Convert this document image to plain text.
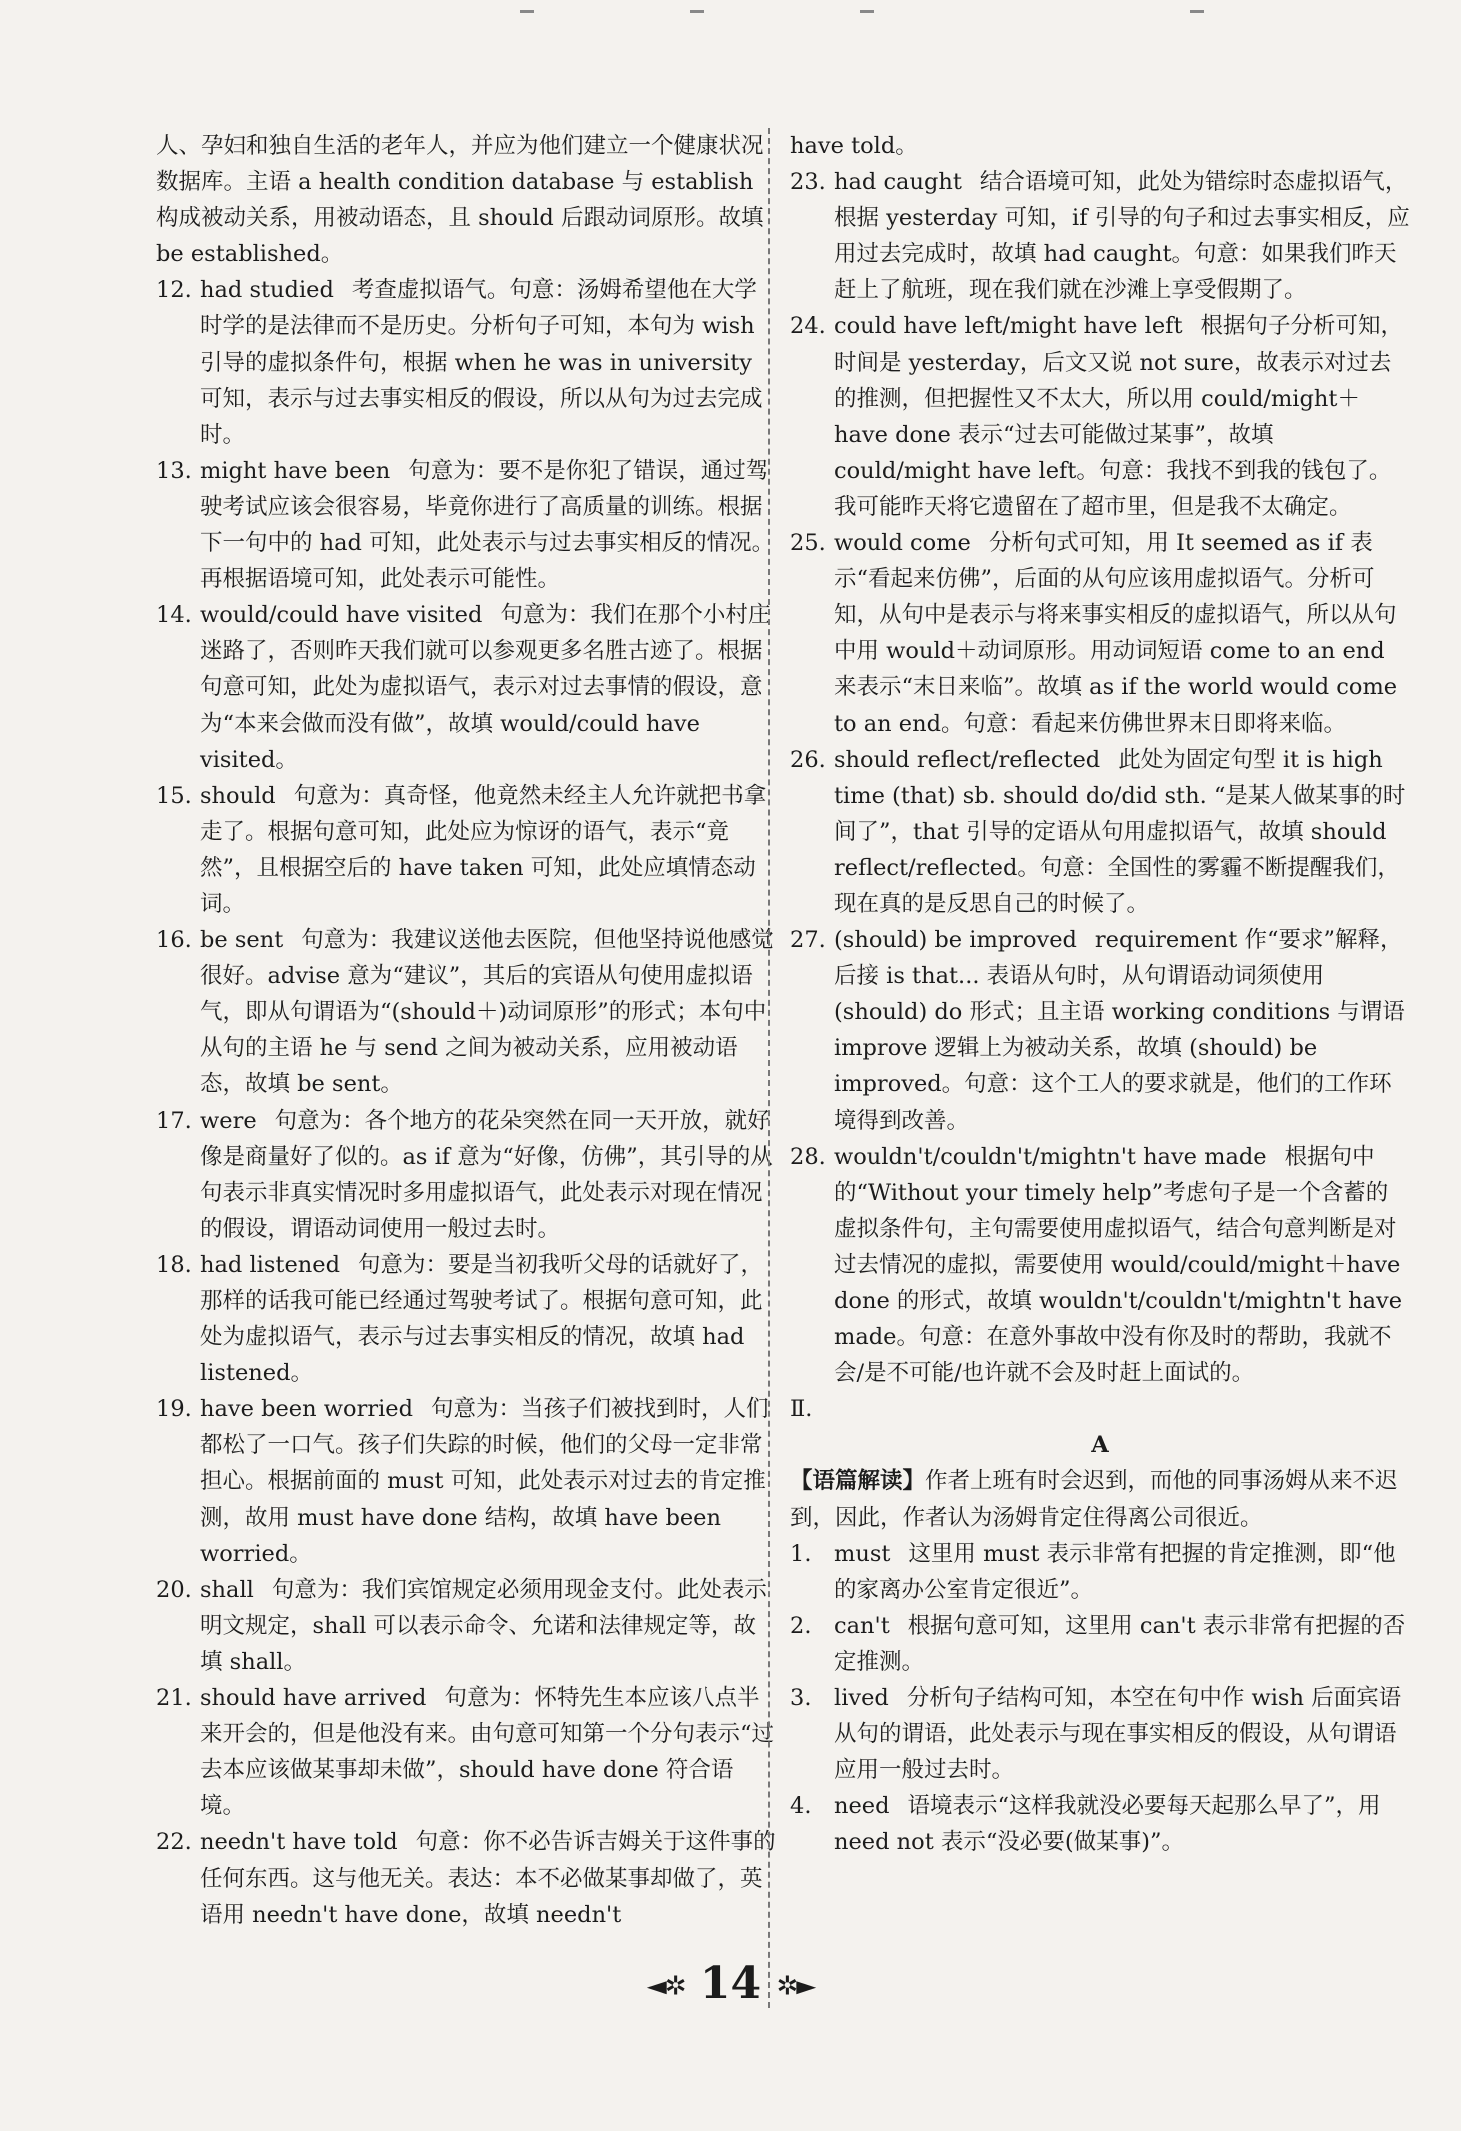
人、孕妇和独自生活的老年人，并应为他们建立一个健康状况数据库。主语 a health condition database 与 establish 构成被动关系，用被动语态，且 should 后跟动词原形。故填 be established。
12. had studied 考查虚拟语气。句意：汤姆希望他在大学时学的是法律而不是历史。分析句子可知，本句为 wish 引导的虚拟条件句，根据 when he was in university 可知，表示与过去事实相反的假设，所以从句为过去完成时。
13. might have been 句意为：要不是你犯了错误，通过驾驶考试应该会很容易，毕竟你进行了高质量的训练。根据下一句中的 had 可知，此处表示与过去事实相反的情况。再根据语境可知，此处表示可能性。
14. would/could have visited 句意为：我们在那个小村庄迷路了，否则昨天我们就可以参观更多名胜古迹了。根据句意可知，此处为虚拟语气，表示对过去事情的假设，意为“本来会做而没有做”，故填 would/could have visited。
15. should 句意为：真奇怪，他竟然未经主人允许就把书拿走了。根据句意可知，此处应为惊讶的语气，表示“竟然”，且根据空后的 have taken 可知，此处应填情态动词。
16. be sent 句意为：我建议送他去医院，但他坚持说他感觉很好。advise 意为“建议”，其后的宾语从句使用虚拟语气，即从句谓语为“(should＋)动词原形”的形式；本句中从句的主语 he 与 send 之间为被动关系，应用被动语态，故填 be sent。
17. were 句意为：各个地方的花朵突然在同一天开放，就好像是商量好了似的。as if 意为“好像，仿佛”，其引导的从句表示非真实情况时多用虚拟语气，此处表示对现在情况的假设，谓语动词使用一般过去时。
18. had listened 句意为：要是当初我听父母的话就好了，那样的话我可能已经通过驾驶考试了。根据句意可知，此处为虚拟语气，表示与过去事实相反的情况，故填 had listened。
19. have been worried 句意为：当孩子们被找到时，人们都松了一口气。孩子们失踪的时候，他们的父母一定非常担心。根据前面的 must 可知，此处表示对过去的肯定推测，故用 must have done 结构，故填 have been worried。
20. shall 句意为：我们宾馆规定必须用现金支付。此处表示明文规定，shall 可以表示命令、允诺和法律规定等，故填 shall。
21. should have arrived 句意为：怀特先生本应该八点半来开会的，但是他没有来。由句意可知第一个分句表示“过去本应该做某事却未做”，should have done 符合语境。
22. needn't have told 句意：你不必告诉吉姆关于这件事的任何东西。这与他无关。表达：本不必做某事却做了，英语用 needn't have done，故填 needn't
have told。
23. had caught 结合语境可知，此处为错综时态虚拟语气，根据 yesterday 可知，if 引导的句子和过去事实相反，应用过去完成时，故填 had caught。句意：如果我们昨天赶上了航班，现在我们就在沙滩上享受假期了。
24. could have left/might have left 根据句子分析可知，时间是 yesterday，后文又说 not sure，故表示对过去的推测，但把握性又不太大，所以用 could/might＋have done 表示“过去可能做过某事”，故填 could/might have left。句意：我找不到我的钱包了。我可能昨天将它遗留在了超市里，但是我不太确定。
25. would come 分析句式可知，用 It seemed as if 表示“看起来仿佛”，后面的从句应该用虚拟语气。分析可知，从句中是表示与将来事实相反的虚拟语气，所以从句中用 would＋动词原形。用动词短语 come to an end 来表示“末日来临”。故填 as if the world would come to an end。句意：看起来仿佛世界末日即将来临。
26. should reflect/reflected 此处为固定句型 it is high time (that) sb. should do/did sth. “是某人做某事的时间了”，that 引导的定语从句用虚拟语气，故填 should reflect/reflected。句意：全国性的雾霾不断提醒我们，现在真的是反思自己的时候了。
27. (should) be improved requirement 作“要求”解释，后接 is that... 表语从句时，从句谓语动词须使用 (should) do 形式；且主语 working conditions 与谓语 improve 逻辑上为被动关系，故填 (should) be improved。句意：这个工人的要求就是，他们的工作环境得到改善。
28. wouldn't/couldn't/mightn't have made 根据句中的“Without your timely help”考虑句子是一个含蓄的虚拟条件句，主句需要使用虚拟语气，结合句意判断是对过去情况的虚拟，需要使用 would/could/might＋have done 的形式，故填 wouldn't/couldn't/mightn't have made。句意：在意外事故中没有你及时的帮助，我就不会/是不可能/也许就不会及时赶上面试的。
Ⅱ.
A
【语篇解读】作者上班有时会迟到，而他的同事汤姆从来不迟到，因此，作者认为汤姆肯定住得离公司很近。
1. must 这里用 must 表示非常有把握的肯定推测，即“他的家离办公室肯定很近”。
2. can't 根据句意可知，这里用 can't 表示非常有把握的否定推测。
3. lived 分析句子结构可知，本空在句中作 wish 后面宾语从句的谓语，此处表示与现在事实相反的假设，从句谓语应用一般过去时。
4. need 语境表示“这样我就没必要每天起那么早了”，用 need not 表示“没必要(做某事)”。
◄✲ 14 ✲►
